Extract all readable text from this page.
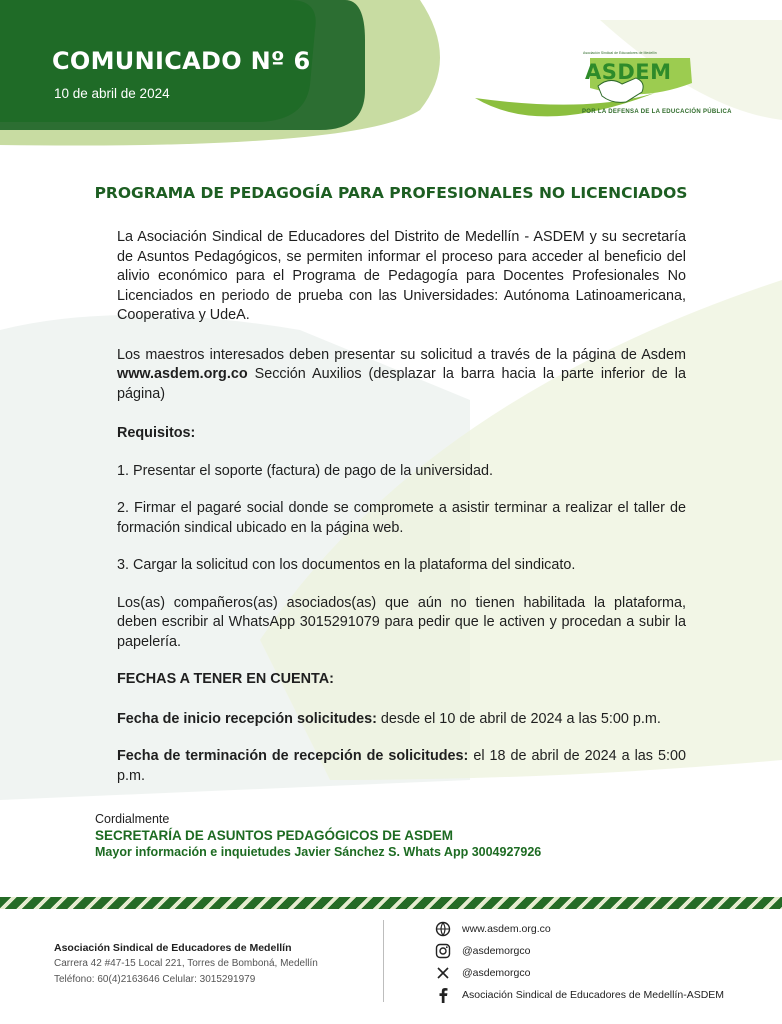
COMUNICADO Nº 6
10 de abril de 2024
Asociación Sindical de Educadores de Medellín
ASDEM
POR LA DEFENSA DE LA EDUCACIÓN PÚBLICA
PROGRAMA DE PEDAGOGÍA PARA PROFESIONALES NO LICENCIADOS

La Asociación Sindical de Educadores del Distrito de Medellín - ASDEM y su secretaría de Asuntos Pedagógicos, se permiten informar el proceso para acceder al beneficio del alivio económico para el Programa de Pedagogía para Docentes Profesionales No Licenciados en periodo de prueba con las Universidades: Autónoma Latinoamericana, Cooperativa y UdeA.

Los maestros interesados deben presentar su solicitud a través de la página de Asdem www.asdem.org.co Sección Auxilios (desplazar la barra hacia la parte inferior de la página)

Requisitos:

1. Presentar el soporte (factura) de pago de la universidad.

2. Firmar el pagaré social donde se compromete a asistir terminar a realizar el taller de formación sindical ubicado en la página web.

3. Cargar la solicitud con los documentos en la plataforma del sindicato.

Los(as) compañeros(as) asociados(as) que aún no tienen habilitada la plataforma, deben escribir al WhatsApp 3015291079 para pedir que le activen y procedan a subir la papelería.

FECHAS A TENER EN CUENTA:

Fecha de inicio recepción solicitudes: desde el 10 de abril de 2024 a las 5:00 p.m.

Fecha de terminación de recepción de solicitudes: el 18 de abril de 2024 a las 5:00 p.m.

Cordialmente
SECRETARÍA DE ASUNTOS PEDAGÓGICOS DE ASDEM
Mayor información e inquietudes Javier Sánchez S. Whats App 3004927926
Asociación Sindical de Educadores de Medellín
Carrera 42 #47-15 Local 221, Torres de Bomboná, Medellín
Teléfono: 60(4)2163646 Celular: 3015291979
www.asdem.org.co
@asdemorgco
@asdemorgco
Asociación Sindical de Educadores de Medellín-ASDEM
